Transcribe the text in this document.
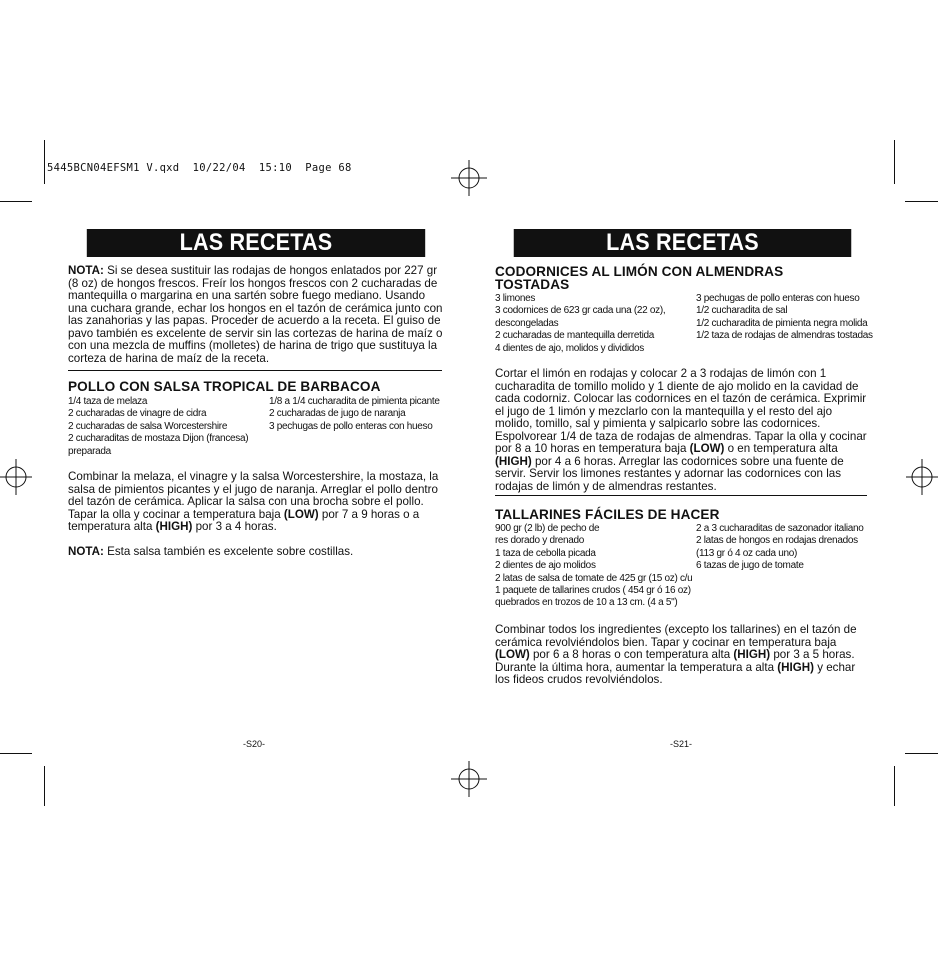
5445BCN04EFSM1 V.qxd  10/22/04  15:10  Page 68
LAS RECETAS

NOTA: Si se desea sustituir las rodajas de hongos enlatados por 227 gr (8 oz) de hongos frescos. Freír los hongos frescos con 2 cucharadas de mantequilla o margarina en una sartén sobre fuego mediano. Usando una cuchara grande, echar los hongos en el tazón de cerámica junto con las zanahorias y las papas. Proceder de acuerdo a la receta. El guiso de pavo también es excelente de servir sin las cortezas de harina de maíz o con una mezcla de muffins (molletes) de harina de trigo que sustituya la corteza de harina de maíz de la receta.

POLLO CON SALSA TROPICAL DE BARBACOA
1/4 taza de melaza
2 cucharadas de vinagre de cidra
2 cucharadas de salsa Worcestershire
2 cucharaditas de mostaza Dijon (francesa)
preparada
1/8 a 1/4 cucharadita de pimienta picante
2 cucharadas de jugo de naranja
3 pechugas de pollo enteras con hueso

Combinar la melaza, el vinagre y la salsa Worcestershire, la mostaza, la salsa de pimientos picantes y el jugo de naranja. Arreglar el pollo dentro del tazón de cerámica. Aplicar la salsa con una brocha sobre el pollo. Tapar la olla y cocinar a temperatura baja (LOW) por 7 a 9 horas o a temperatura alta (HIGH) por 3 a 4 horas.

NOTA: Esta salsa también es excelente sobre costillas.

-S20-
LAS RECETAS
CODORNICES AL LIMÓN CON ALMENDRAS
TOSTADAS
3 limones
3 codornices de 623 gr cada una (22 oz),
descongeladas
2 cucharadas de mantequilla derretida
4 dientes de ajo, molidos y divididos
3 pechugas de pollo enteras con hueso
1/2 cucharadita de sal
1/2 cucharadita de pimienta negra molida
1/2 taza de rodajas de almendras tostadas

Cortar el limón en rodajas y colocar 2 a 3 rodajas de limón con 1 cucharadita de tomillo molido y 1 diente de ajo molido en la cavidad de cada codorniz. Colocar las codornices en el tazón de cerámica. Exprimir el jugo de 1 limón y mezclarlo con la mantequilla y el resto del ajo molido, tomillo, sal y pimienta y salpicarlo sobre las codornices. Espolvorear 1/4 de taza de rodajas de almendras. Tapar la olla y cocinar por 8 a 10 horas en temperatura baja (LOW) o en temperatura alta (HIGH) por 4 a 6 horas. Arreglar las codornices sobre una fuente de servir. Servir los limones restantes y adornar las codornices con las rodajas de limón y de almendras restantes.

TALLARINES FÁCILES DE HACER
900 gr (2 lb) de pecho de
res dorado y drenado
1 taza de cebolla picada
2 dientes de ajo molidos
2 latas de salsa de tomate de 425 gr (15 oz) c/u
1 paquete de tallarines crudos ( 454 gr ó 16 oz)
quebrados en trozos de 10 a 13 cm. (4 a 5")
2 a 3 cucharaditas de sazonador italiano
2 latas de hongos en rodajas drenados
(113 gr ó 4 oz cada uno)
6 tazas de jugo de tomate

Combinar todos los ingredientes (excepto los tallarines) en el tazón de cerámica revolviéndolos bien. Tapar y cocinar en temperatura baja (LOW) por 6 a 8 horas o con temperatura alta (HIGH) por 3 a 5 horas. Durante la última hora, aumentar la temperatura a alta (HIGH) y echar los fideos crudos revolviéndolos.

-S21-
